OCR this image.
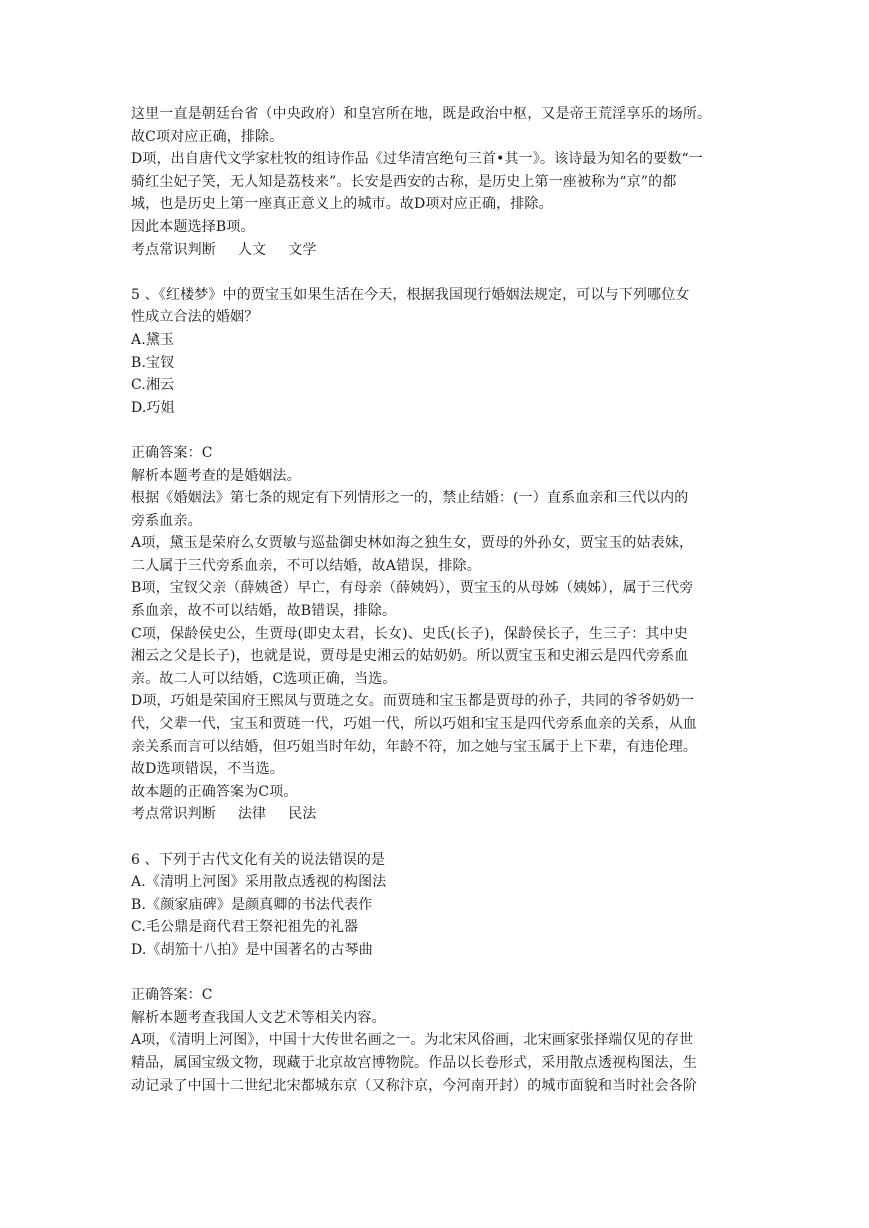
这里一直是朝廷台省（中央政府）和皇宫所在地，既是政治中枢，又是帝王荒淫享乐的场所。
故C项对应正确，排除。
D项，出自唐代文学家杜牧的组诗作品《过华清宫绝句三首•其一》。该诗最为知名的要数“一
骑红尘妃子笑，无人知是荔枝来”。长安是西安的古称，是历史上第一座被称为“京”的都
城，也是历史上第一座真正意义上的城市。故D项对应正确，排除。
因此本题选择B项。
考点常识判断 人文 文学
5 、《红楼梦》中的贾宝玉如果生活在今天，根据我国现行婚姻法规定，可以与下列哪位女
性成立合法的婚姻？
A.黛玉
B.宝钗
C.湘云
D.巧姐
正确答案：C
解析本题考查的是婚姻法。
根据《婚姻法》第七条的规定有下列情形之一的，禁止结婚：(一）直系血亲和三代以内的
旁系血亲。
A项，黛玉是荣府么女贾敏与巡盐御史林如海之独生女，贾母的外孙女，贾宝玉的姑表妹，
二人属于三代旁系血亲，不可以结婚，故A错误，排除。
B项，宝钗父亲（薛姨爸）早亡，有母亲（薛姨妈），贾宝玉的从母姊（姨姊），属于三代旁
系血亲，故不可以结婚，故B错误，排除。
C项，保龄侯史公，生贾母(即史太君，长女)、史氏(长子)，保龄侯长子，生三子：其中史
湘云之父是长子)，也就是说，贾母是史湘云的姑奶奶。所以贾宝玉和史湘云是四代旁系血
亲。故二人可以结婚，C选项正确，当选。
D项，巧姐是荣国府王熙凤与贾琏之女。而贾琏和宝玉都是贾母的孙子，共同的爷爷奶奶一
代，父辈一代，宝玉和贾琏一代，巧姐一代，所以巧姐和宝玉是四代旁系血亲的关系，从血
亲关系而言可以结婚，但巧姐当时年幼，年龄不符，加之她与宝玉属于上下辈，有违伦理。
故D选项错误，不当选。
故本题的正确答案为C项。
考点常识判断 法律 民法
6 、下列于古代文化有关的说法错误的是
A.《清明上河图》采用散点透视的构图法
B.《颜家庙碑》是颜真卿的书法代表作
C.毛公鼎是商代君王祭祀祖先的礼器
D.《胡笳十八拍》是中国著名的古琴曲
正确答案：C
解析本题考查我国人文艺术等相关内容。
A项，《清明上河图》，中国十大传世名画之一。为北宋风俗画，北宋画家张择端仅见的存世
精品，属国宝级文物，现藏于北京故宫博物院。作品以长卷形式，采用散点透视构图法，生
动记录了中国十二世纪北宋都城东京（又称汴京，今河南开封）的城市面貌和当时社会各阶
